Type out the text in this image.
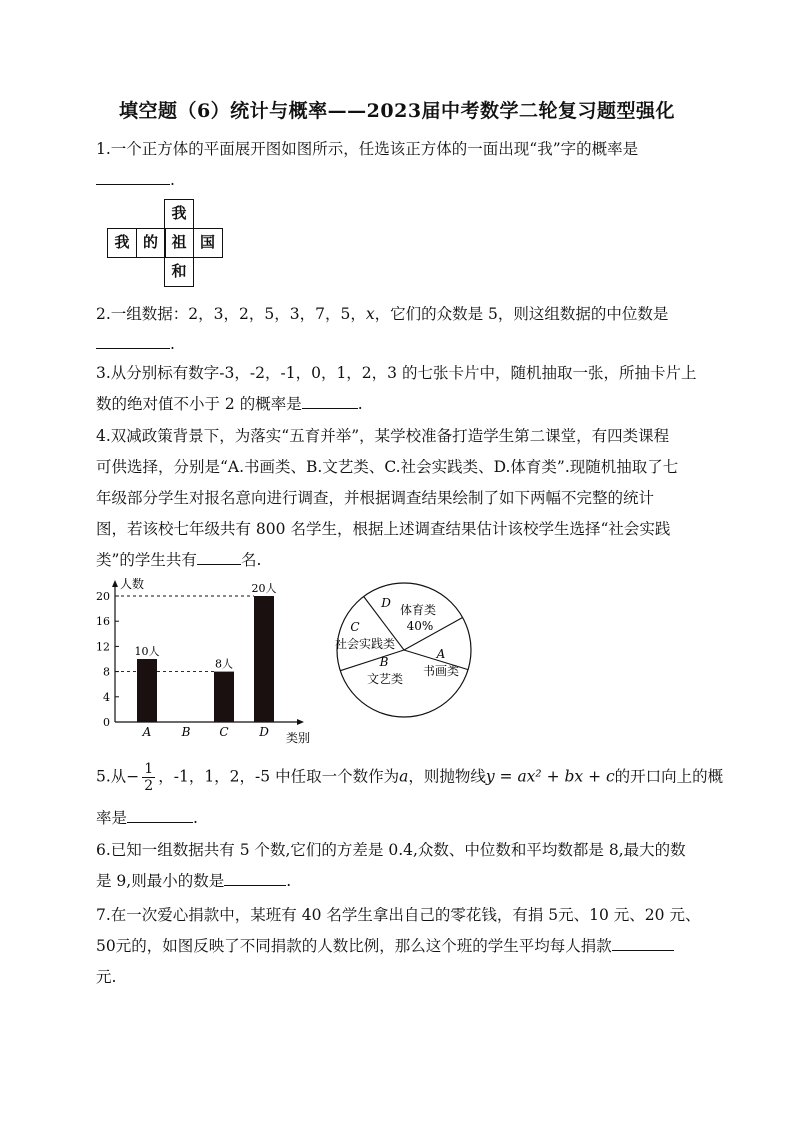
填空题（6）统计与概率——2023届中考数学二轮复习题型强化
1.一个正方体的平面展开图如图所示，任选该正方体的一面出现“我”字的概率是
.
我
我 的 祖 国
和
2.一组数据：2，3，2，5，3，7，5，x，它们的众数是 5，则这组数据的中位数是
.
3.从分别标有数字-3，-2，-1，0，1，2，3 的七张卡片中，随机抽取一张，所抽卡片上
数的绝对值不小于 2 的概率是	.
4.双减政策背景下，为落实“五育并举”，某学校准备打造学生第二课堂，有四类课程
可供选择，分别是“A.书画类、B.文艺类、C.社会实践类、D.体育类”.现随机抽取了七
年级部分学生对报名意向进行调查，并根据调查结果绘制了如下两幅不完整的统计
图，若该校七年级共有 800 名学生，根据上述调查结果估计该校学生选择“社会实践
类”的学生共有	名.
人数
类别
0
4
8
12
16
20
10人
A	B
8人
C
20人
D
D 体育类
40%
A
书画类
B
文艺类
C
社会实践类
5.从− $\frac{1}{2}$ ，-1，1，2，-5 中任取一个数作为a，则抛物线y = ax² + bx + c的开口向上的概
率是	.
6.已知一组数据共有 5 个数,它们的方差是 0.4,众数、中位数和平均数都是 8,最大的数
是 9,则最小的数是	.
7.在一次爱心捐款中，某班有 40 名学生拿出自己的零花钱，有捐 5元、10 元、20 元、
50元的，如图反映了不同捐款的人数比例，那么这个班的学生平均每人捐款
元.
